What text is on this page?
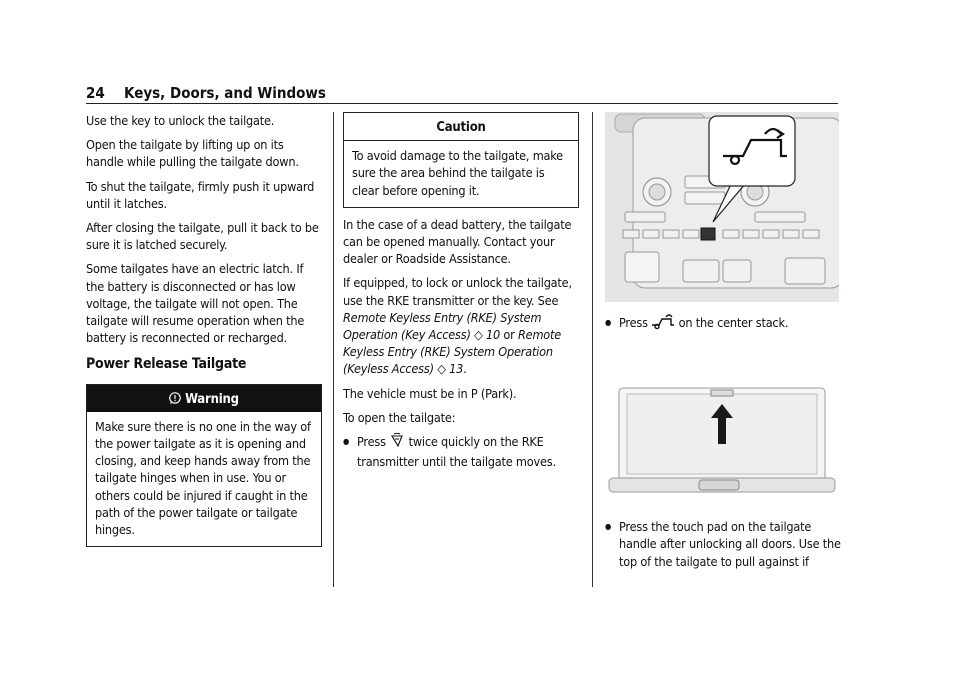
24 Keys, Doors, and Windows

Use the key to unlock the tailgate.

Open the tailgate by lifting up on its handle while pulling the tailgate down.

To shut the tailgate, firmly push it upward until it latches.

After closing the tailgate, pull it back to be sure it is latched securely.

Some tailgates have an electric latch. If the battery is disconnected or has low voltage, the tailgate will not open. The tailgate will resume operation when the battery is reconnected or recharged.

Power Release Tailgate
Warning
Make sure there is no one in the way of the power tailgate as it is opening and closing, and keep hands away from the tailgate hinges when in use. You or others could be injured if caught in the path of the power tailgate or tailgate hinges.
Caution
To avoid damage to the tailgate, make sure the area behind the tailgate is clear before opening it.

In the case of a dead battery, the tailgate can be opened manually. Contact your dealer or Roadside Assistance.

If equipped, to lock or unlock the tailgate, use the RKE transmitter or the key. See Remote Keyless Entry (RKE) System Operation (Key Access) ◇ 10 or Remote Keyless Entry (RKE) System Operation (Keyless Access) ◇ 13.

The vehicle must be in P (Park).

To open the tailgate:

● Press twice quickly on the RKE transmitter until the tailgate moves.
● Press on the center stack.
● Press the touch pad on the tailgate handle after unlocking all doors. Use the top of the tailgate to pull against if
